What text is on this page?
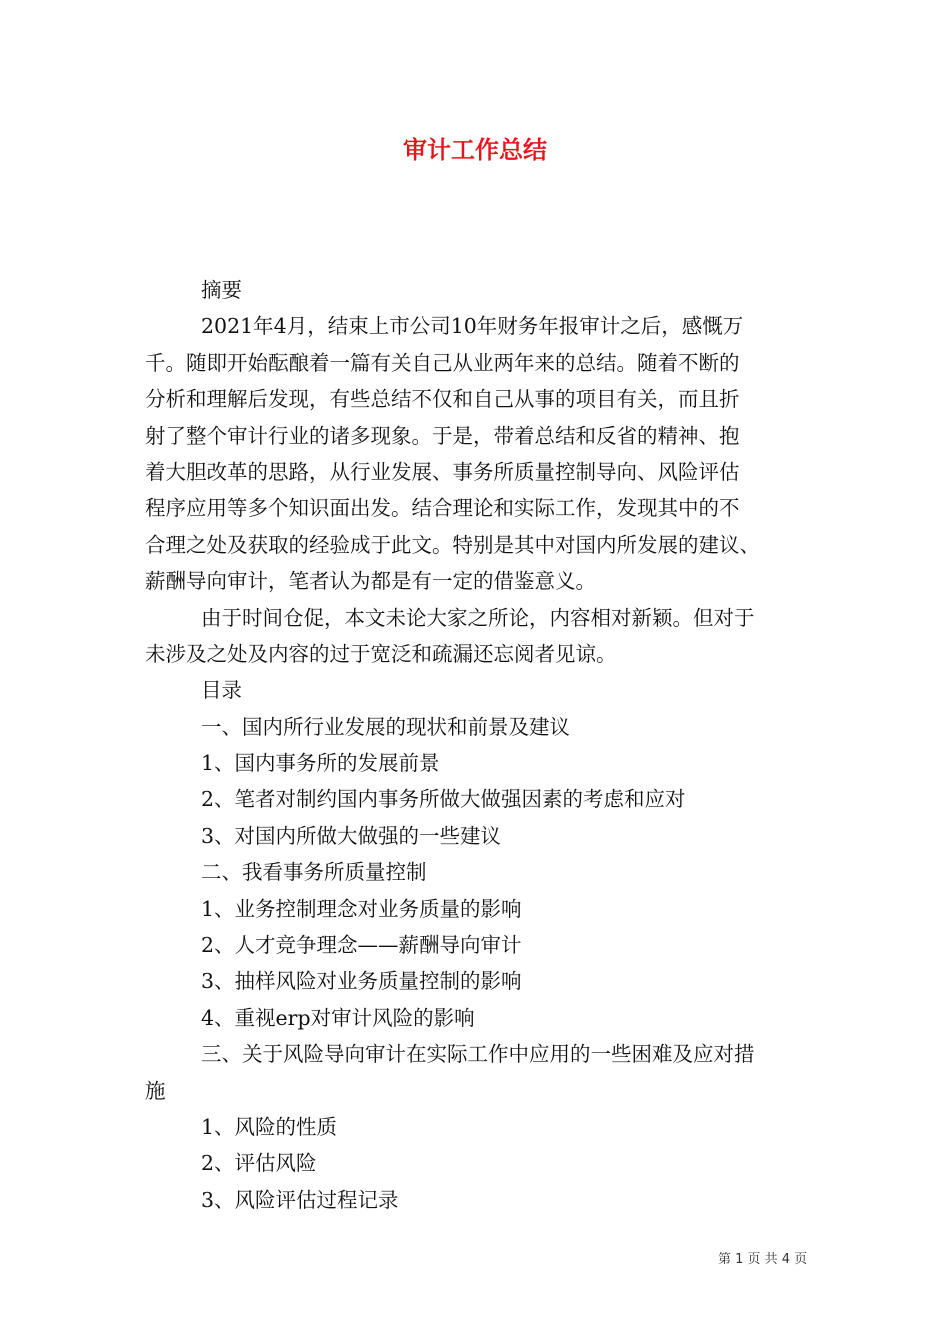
审计工作总结
摘要
2021年4月，结束上市公司10年财务年报审计之后，感慨万
千。随即开始酝酿着一篇有关自己从业两年来的总结。随着不断的
分析和理解后发现，有些总结不仅和自己从事的项目有关，而且折
射了整个审计行业的诸多现象。于是，带着总结和反省的精神、抱
着大胆改革的思路，从行业发展、事务所质量控制导向、风险评估
程序应用等多个知识面出发。结合理论和实际工作，发现其中的不
合理之处及获取的经验成于此文。特别是其中对国内所发展的建议、
薪酬导向审计，笔者认为都是有一定的借鉴意义。
由于时间仓促，本文未论大家之所论，内容相对新颖。但对于
未涉及之处及内容的过于宽泛和疏漏还忘阅者见谅。
目录
一、国内所行业发展的现状和前景及建议
1、国内事务所的发展前景
2、笔者对制约国内事务所做大做强因素的考虑和应对
3、对国内所做大做强的一些建议
二、我看事务所质量控制
1、业务控制理念对业务质量的影响
2、人才竞争理念——薪酬导向审计
3、抽样风险对业务质量控制的影响
4、重视erp对审计风险的影响
三、关于风险导向审计在实际工作中应用的一些困难及应对措
施
1、风险的性质
2、评估风险
3、风险评估过程记录
第 1 页 共 4 页
